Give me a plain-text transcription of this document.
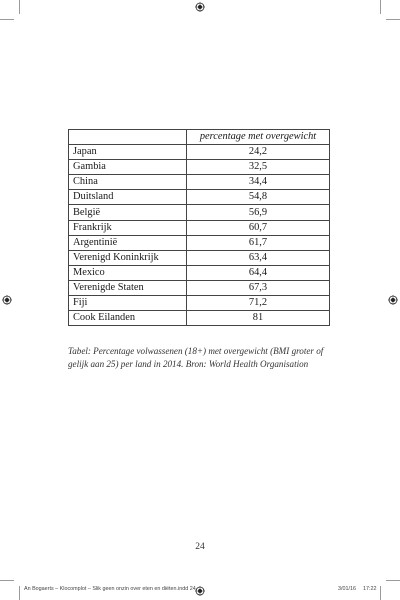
	percentage met overgewicht
Japan	24,2
Gambia	32,5
China	34,4
Duitsland	54,8
België	56,9
Frankrijk	60,7
Argentinië	61,7
Verenigd Koninkrijk	63,4
Mexico	64,4
Verenigde Staten	67,3
Fiji	71,2
Cook Eilanden	81
Tabel: Percentage volwassenen (18+) met overgewicht (BMI groter of gelijk aan 25) per land in 2014. Bron: World Health Organisation
24
An Bogaerts – Klocomplot – Slik geen onzin over eten en diëten.indd 24	3/01/16 17:22
